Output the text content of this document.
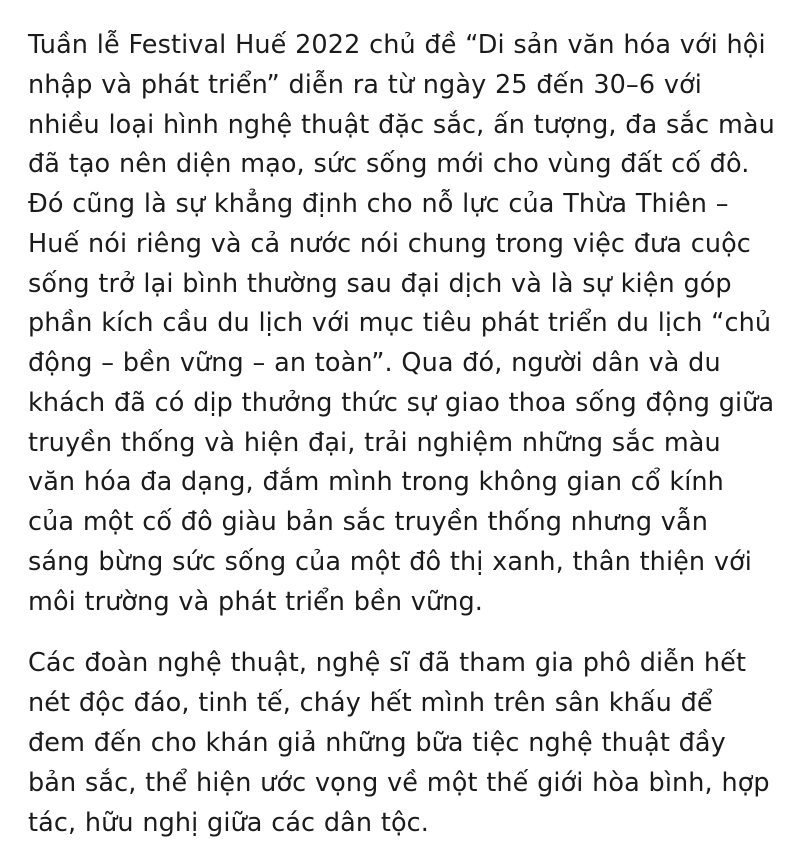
Tuần lễ Festival Huế 2022 chủ đề “Di sản văn hóa với hội nhập và phát triển” diễn ra từ ngày 25 đến 30–6 với nhiều loại hình nghệ thuật đặc sắc, ấn tượng, đa sắc màu đã tạo nên diện mạo, sức sống mới cho vùng đất cố đô. Đó cũng là sự khẳng định cho nỗ lực của Thừa Thiên – Huế nói riêng và cả nước nói chung trong việc đưa cuộc sống trở lại bình thường sau đại dịch và là sự kiện góp phần kích cầu du lịch với mục tiêu phát triển du lịch “chủ động – bền vững – an toàn”. Qua đó, người dân và du khách đã có dịp thưởng thức sự giao thoa sống động giữa truyền thống và hiện đại, trải nghiệm những sắc màu văn hóa đa dạng, đắm mình trong không gian cổ kính của một cố đô giàu bản sắc truyền thống nhưng vẫn sáng bừng sức sống của một đô thị xanh, thân thiện với môi trường và phát triển bền vững.

Các đoàn nghệ thuật, nghệ sĩ đã tham gia phô diễn hết nét độc đáo, tinh tế, cháy hết mình trên sân khấu để đem đến cho khán giả những bữa tiệc nghệ thuật đầy bản sắc, thể hiện ước vọng về một thế giới hòa bình, hợp tác, hữu nghị giữa các dân tộc.
